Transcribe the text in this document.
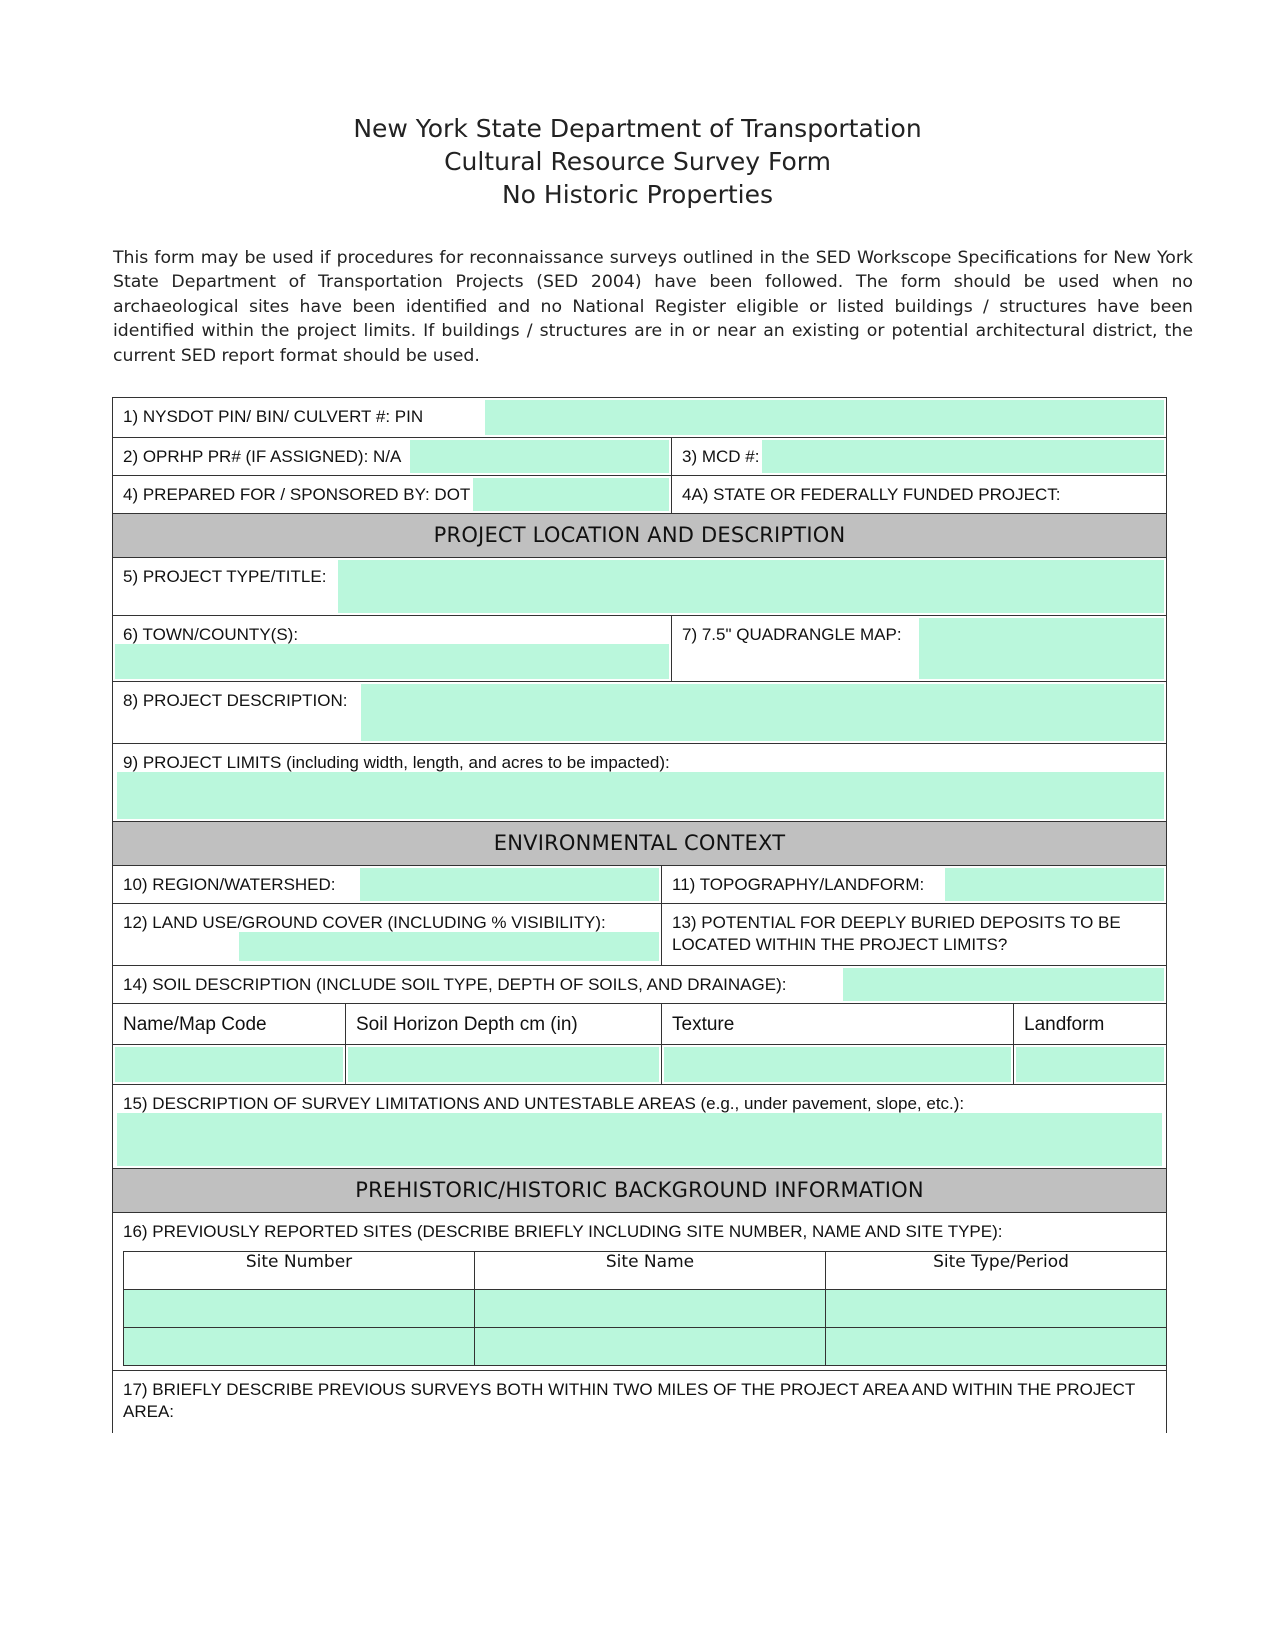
New York State Department of Transportation
Cultural Resource Survey Form
No Historic Properties
This form may be used if procedures for reconnaissance surveys outlined in the SED Workscope Specifications for New York State Department of Transportation Projects (SED 2004) have been followed. The form should be used when no archaeological sites have been identified and no National Register eligible or listed buildings / structures have been identified within the project limits. If buildings / structures are in or near an existing or potential architectural district, the current SED report format should be used.
1) NYSDOT PIN/ BIN/ CULVERT #: PIN

2) OPRHP PR# (IF ASSIGNED): N/A	3) MCD #:

4) PREPARED FOR / SPONSORED BY: DOT	4A) STATE OR FEDERALLY FUNDED PROJECT:
PROJECT LOCATION AND DESCRIPTION
5) PROJECT TYPE/TITLE:

6) TOWN/COUNTY(S):	7) 7.5" QUADRANGLE MAP:

8) PROJECT DESCRIPTION:

9) PROJECT LIMITS (including width, length, and acres to be impacted):

ENVIRONMENTAL CONTEXT
10) REGION/WATERSHED:	11) TOPOGRAPHY/LANDFORM:

12) LAND USE/GROUND COVER (INCLUDING % VISIBILITY):	13) POTENTIAL FOR DEEPLY BURIED DEPOSITS TO BE LOCATED WITHIN THE PROJECT LIMITS?
14) SOIL DESCRIPTION (INCLUDE SOIL TYPE, DEPTH OF SOILS, AND DRAINAGE):

Name/Map Code	Soil Horizon Depth cm (in)	Texture	Landform

15) DESCRIPTION OF SURVEY LIMITATIONS AND UNTESTABLE AREAS (e.g., under pavement, slope, etc.):

PREHISTORIC/HISTORIC BACKGROUND INFORMATION
16) PREVIOUSLY REPORTED SITES (DESCRIBE BRIEFLY INCLUDING SITE NUMBER, NAME AND SITE TYPE):
Site Number	Site Name	Site Type/Period

17) BRIEFLY DESCRIBE PREVIOUS SURVEYS BOTH WITHIN TWO MILES OF THE PROJECT AREA AND WITHIN THE PROJECT AREA:
